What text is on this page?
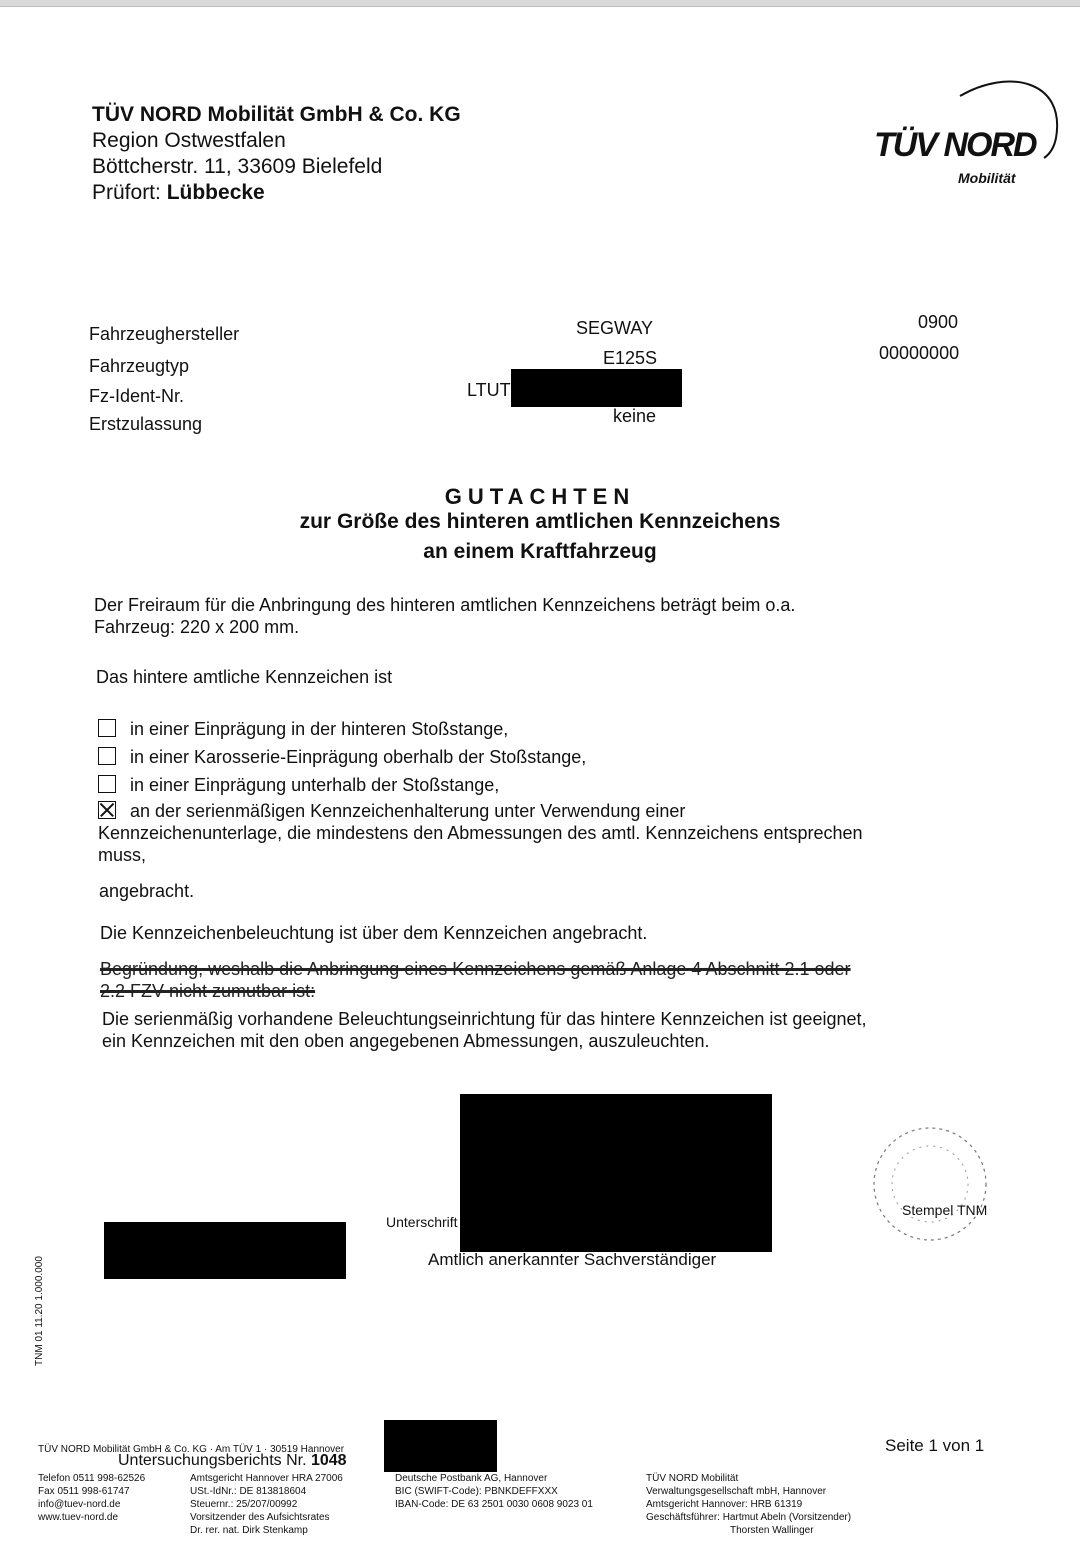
TÜV NORD Mobilität GmbH & Co. KG
Region Ostwestfalen
Böttcherstr. 11, 33609 Bielefeld
Prüfort: Lübbecke
TÜV NORD
Mobilität
Fahrzeughersteller	SEGWAY	0900
Fahrzeugtyp	E125S	00000000
Fz-Ident-Nr.	LTUT
Erstzulassung	keine
GUTACHTEN
zur Größe des hinteren amtlichen Kennzeichens
an einem Kraftfahrzeug
Der Freiraum für die Anbringung des hinteren amtlichen Kennzeichens beträgt beim o.a.
Fahrzeug: 220 x 200 mm.
Das hintere amtliche Kennzeichen ist
in einer Einprägung in der hinteren Stoßstange,
in einer Karosserie-Einprägung oberhalb der Stoßstange,
in einer Einprägung unterhalb der Stoßstange,
an der serienmäßigen Kennzeichenhalterung unter Verwendung einer
Kennzeichenunterlage, die mindestens den Abmessungen des amtl. Kennzeichens entsprechen
muss,
angebracht.
Die Kennzeichenbeleuchtung ist über dem Kennzeichen angebracht.
Begründung, weshalb die Anbringung eines Kennzeichens gemäß Anlage 4 Abschnitt 2.1 oder
2.2 FZV nicht zumutbar ist:
Die serienmäßig vorhandene Beleuchtungseinrichtung für das hintere Kennzeichen ist geeignet,
ein Kennzeichen mit den oben angegebenen Abmessungen, auszuleuchten.
Unterschrift
Amtlich anerkannter Sachverständiger
Stempel TNM
TNM 01 11.20 1.000.000
TÜV NORD Mobilität GmbH & Co. KG · Am TÜV 1 · 30519 Hannover
Untersuchungsberichts Nr. 1048
Seite 1 von 1
Telefon 0511 998-62526
Fax 0511 998-61747
info@tuev-nord.de
www.tuev-nord.de
Amtsgericht Hannover HRA 27006
USt.-IdNr.: DE 813818604
Steuernr.: 25/207/00992
Vorsitzender des Aufsichtsrates
Dr. rer. nat. Dirk Stenkamp
Deutsche Postbank AG, Hannover
BIC (SWIFT-Code): PBNKDEFFXXX
IBAN-Code: DE 63 2501 0030 0608 9023 01
TÜV NORD Mobilität
Verwaltungsgesellschaft mbH, Hannover
Amtsgericht Hannover: HRB 61319
Geschäftsführer: Hartmut Abeln (Vorsitzender)
Thorsten Wallinger
